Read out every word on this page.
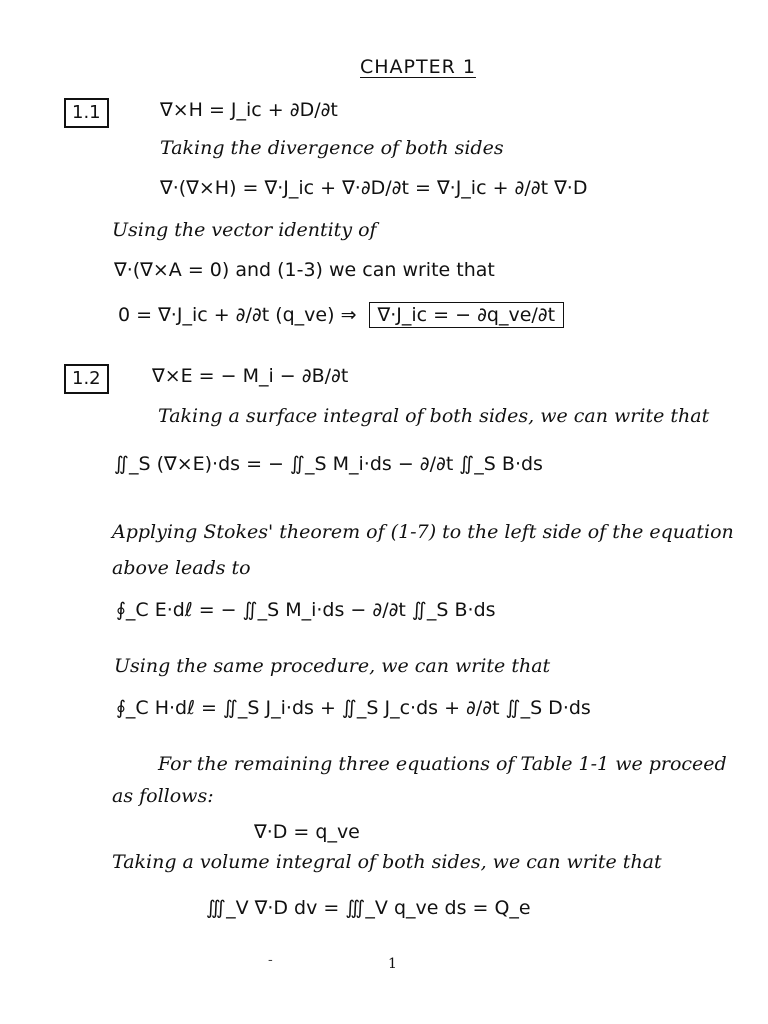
CHAPTER 1
1.1	∇×H = J_ic + ∂D/∂t
Taking the divergence of both sides
∇·(∇×H) = ∇·J_ic + ∇·∂D/∂t = ∇·J_ic + ∂/∂t ∇·D
Using the vector identity of
∇·(∇×A = 0) and (1-3) we can write that
0 = ∇·J_ic + ∂/∂t (q_ve) ⇒ ∇·J_ic = − ∂q_ve/∂t
1.2	∇×E = − M_i − ∂B/∂t
Taking a surface integral of both sides, we can write that
∬_S (∇×E)·ds = − ∬_S M_i·ds − ∂/∂t ∬_S B·ds
Applying Stokes' theorem of (1-7) to the left side of the equation
above leads to
∮_C E·dℓ = − ∬_S M_i·ds − ∂/∂t ∬_S B·ds
Using the same procedure, we can write that
∮_C H·dℓ = ∬_S J_i·ds + ∬_S J_c·ds + ∂/∂t ∬_S D·ds
For the remaining three equations of Table 1-1 we proceed
as follows:
∇·D = q_ve
Taking a volume integral of both sides, we can write that
∭_V ∇·D dv = ∭_V q_ve ds = Q_e
-	1
